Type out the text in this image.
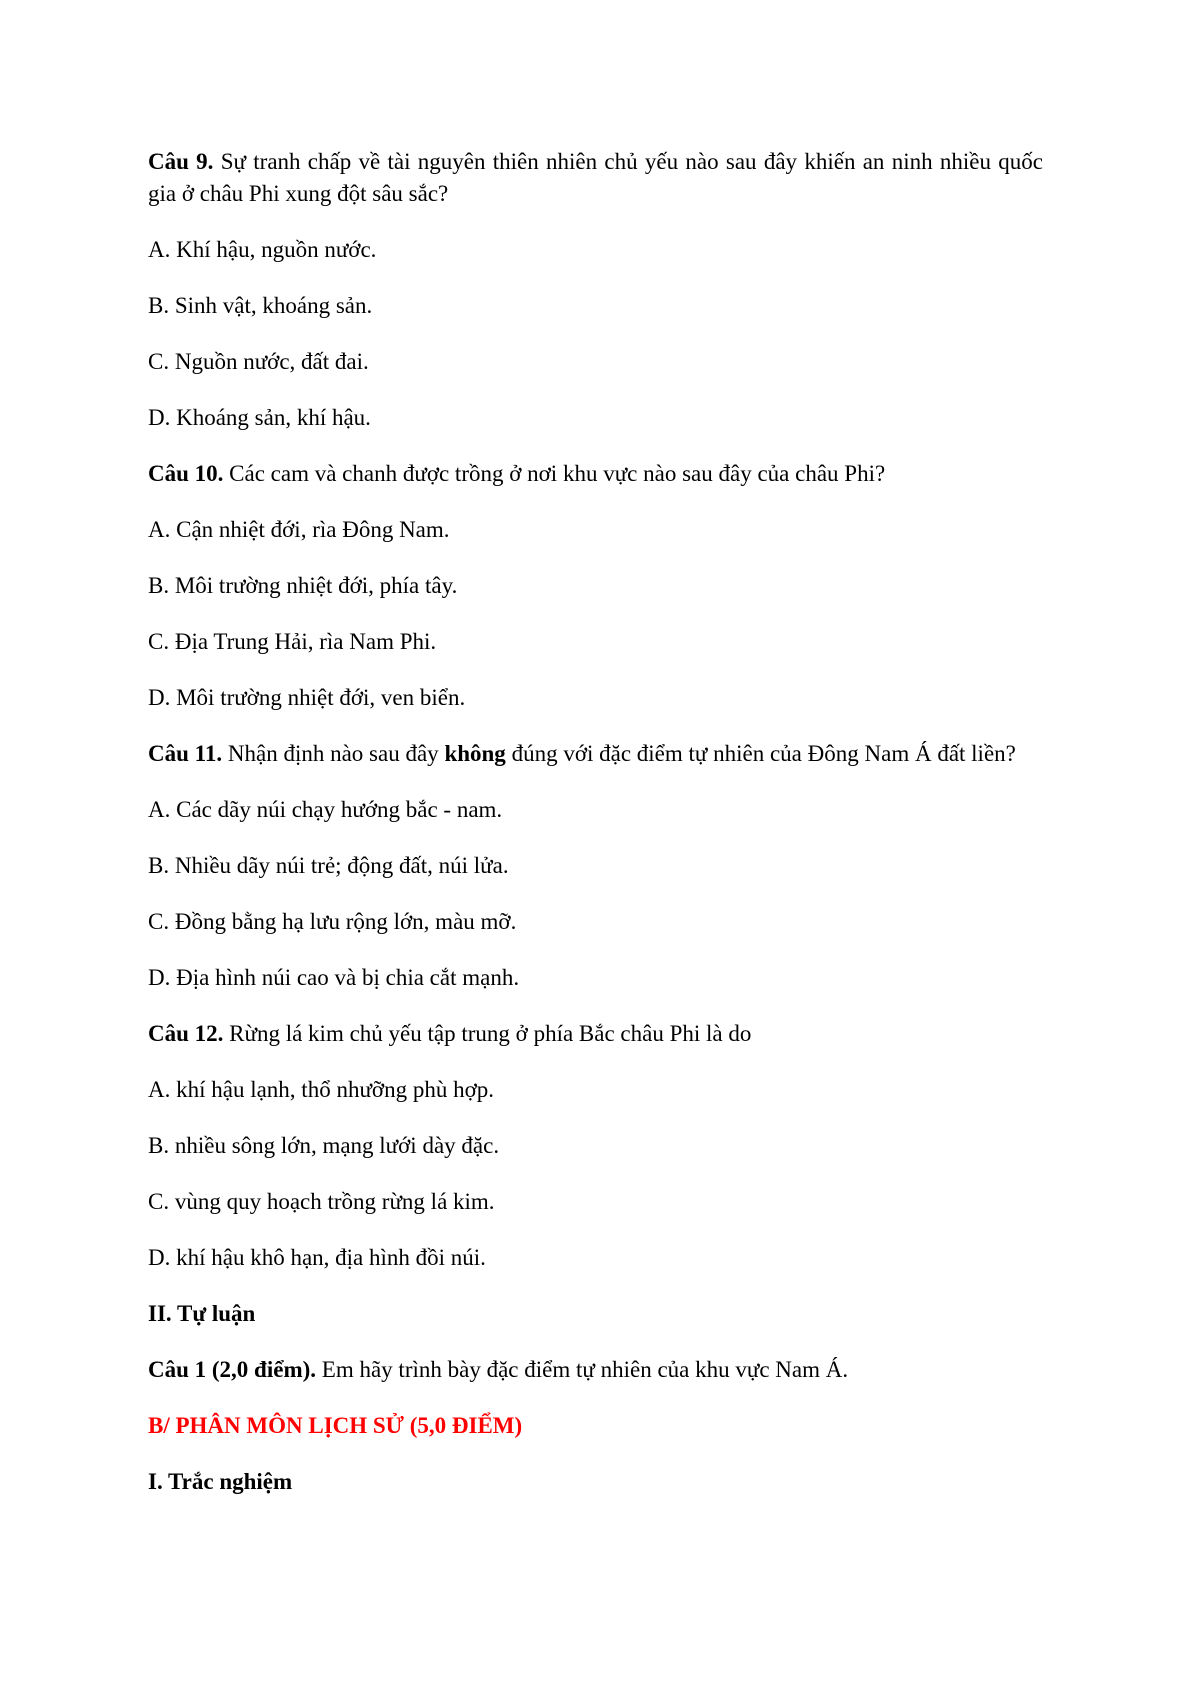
Câu 9. Sự tranh chấp về tài nguyên thiên nhiên chủ yếu nào sau đây khiến an ninh nhiều quốc gia ở châu Phi xung đột sâu sắc?

A. Khí hậu, nguồn nước.

B. Sinh vật, khoáng sản.

C. Nguồn nước, đất đai.

D. Khoáng sản, khí hậu.

Câu 10. Các cam và chanh được trồng ở nơi khu vực nào sau đây của châu Phi?

A. Cận nhiệt đới, rìa Đông Nam.

B. Môi trường nhiệt đới, phía tây.

C. Địa Trung Hải, rìa Nam Phi.

D. Môi trường nhiệt đới, ven biển.

Câu 11. Nhận định nào sau đây không đúng với đặc điểm tự nhiên của Đông Nam Á đất liền?

A. Các dãy núi chạy hướng bắc - nam.

B. Nhiều dãy núi trẻ; động đất, núi lửa.

C. Đồng bằng hạ lưu rộng lớn, màu mỡ.

D. Địa hình núi cao và bị chia cắt mạnh.

Câu 12. Rừng lá kim chủ yếu tập trung ở phía Bắc châu Phi là do

A. khí hậu lạnh, thổ nhưỡng phù hợp.

B. nhiều sông lớn, mạng lưới dày đặc.

C. vùng quy hoạch trồng rừng lá kim.

D. khí hậu khô hạn, địa hình đồi núi.

II. Tự luận

Câu 1 (2,0 điểm). Em hãy trình bày đặc điểm tự nhiên của khu vực Nam Á.

B/ PHÂN MÔN LỊCH SỬ (5,0 ĐIỂM)

I. Trắc nghiệm
